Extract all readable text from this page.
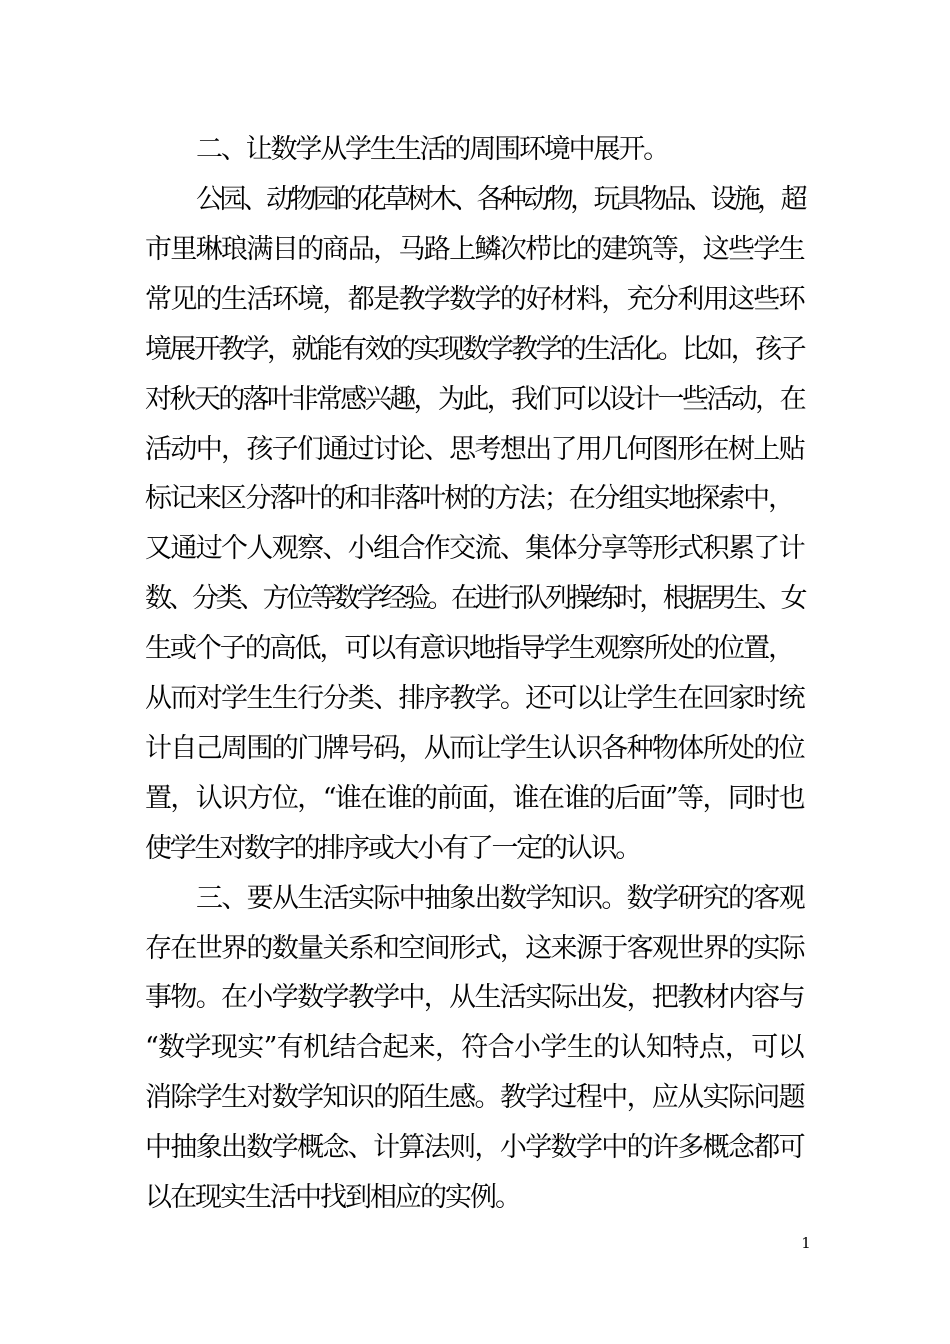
二、让数学从学生生活的周围环境中展开。
公园、动物园的花草树木、各种动物，玩具物品、设施，超
市里琳琅满目的商品，马路上鳞次栉比的建筑等，这些学生
常见的生活环境，都是教学数学的好材料，充分利用这些环
境展开教学，就能有效的实现数学教学的生活化。比如，孩子
对秋天的落叶非常感兴趣，为此，我们可以设计一些活动，在
活动中，孩子们通过讨论、思考想出了用几何图形在树上贴
标记来区分落叶的和非落叶树的方法；在分组实地探索中，
又通过个人观察、小组合作交流、集体分享等形式积累了计
数、分类、方位等数学经验。在进行队列操练时，根据男生、女
生或个子的高低，可以有意识地指导学生观察所处的位置，
从而对学生生行分类、排序教学。还可以让学生在回家时统
计自己周围的门牌号码，从而让学生认识各种物体所处的位
置，认识方位，“谁在谁的前面，谁在谁的后面”等，同时也
使学生对数字的排序或大小有了一定的认识。
三、要从生活实际中抽象出数学知识。数学研究的客观
存在世界的数量关系和空间形式，这来源于客观世界的实际
事物。在小学数学教学中，从生活实际出发，把教材内容与
“数学现实”有机结合起来，符合小学生的认知特点，可以
消除学生对数学知识的陌生感。教学过程中，应从实际问题
中抽象出数学概念、计算法则，小学数学中的许多概念都可
以在现实生活中找到相应的实例。
1
